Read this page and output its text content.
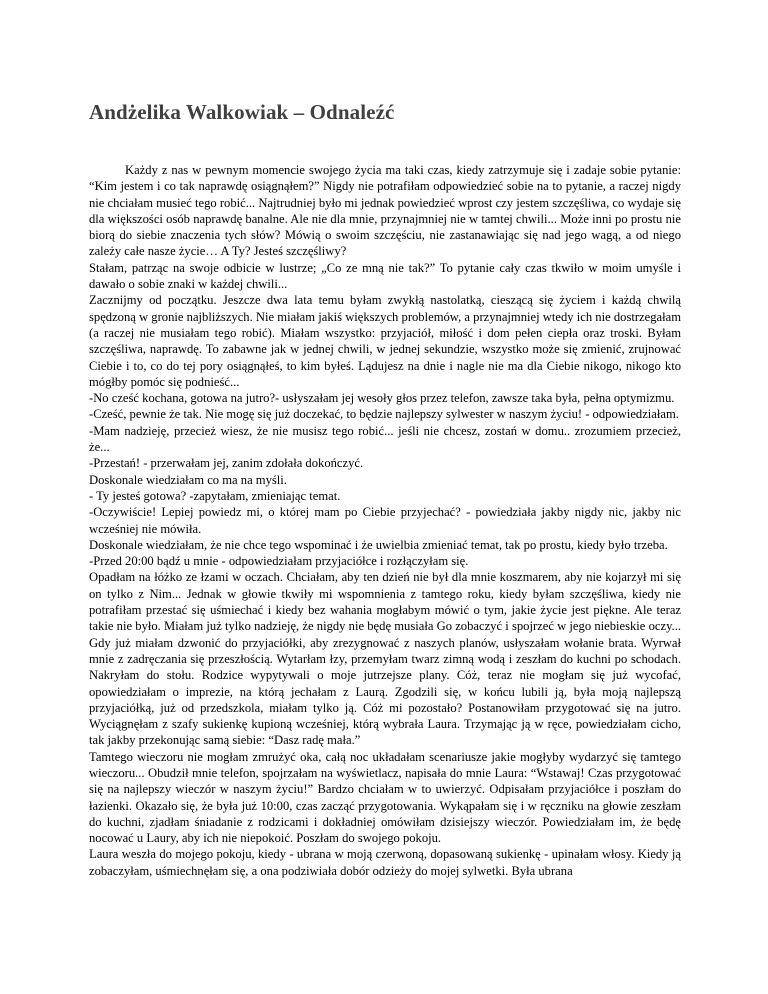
Andżelika Walkowiak – Odnaleźć

Każdy z nas w pewnym momencie swojego życia ma taki czas, kiedy zatrzymuje się i zadaje sobie pytanie: “Kim jestem i co tak naprawdę osiągnąłem?” Nigdy nie potrafiłam odpowiedzieć sobie na to pytanie, a raczej nigdy nie chciałam musieć tego robić... Najtrudniej było mi jednak powiedzieć wprost czy jestem szczęśliwa, co wydaje się dla większości osób naprawdę banalne. Ale nie dla mnie, przynajmniej nie w tamtej chwili... Może inni po prostu nie biorą do siebie znaczenia tych słów? Mówią o swoim szczęściu, nie zastanawiając się nad jego wagą, a od niego zależy całe nasze życie… A Ty? Jesteś szczęśliwy?

Stałam, patrząc na swoje odbicie w lustrze; „Co ze mną nie tak?” To pytanie cały czas tkwiło w moim umyśle i dawało o sobie znaki w każdej chwili...

Zacznijmy od początku. Jeszcze dwa lata temu byłam zwykłą nastolatką, cieszącą się życiem i każdą chwilą spędzoną w gronie najbliższych. Nie miałam jakiś większych problemów, a przynajmniej wtedy ich nie dostrzegałam (a raczej nie musiałam tego robić). Miałam wszystko: przyjaciół, miłość i dom pełen ciepła oraz troski. Byłam szczęśliwa, naprawdę. To zabawne jak w jednej chwili, w jednej sekundzie, wszystko może się zmienić, zrujnować Ciebie i to, co do tej pory osiągnąłeś, to kim byłeś. Lądujesz na dnie i nagle nie ma dla Ciebie nikogo, nikogo kto mógłby pomóc się podnieść...

-No cześć kochana, gotowa na jutro?- usłyszałam jej wesoły głos przez telefon, zawsze taka była, pełna optymizmu.

-Cześć, pewnie że tak. Nie mogę się już doczekać, to będzie najlepszy sylwester w naszym życiu! - odpowiedziałam.

-Mam nadzieję, przecież wiesz, że nie musisz tego robić... jeśli nie chcesz, zostań w domu.. zrozumiem przecież, że...

-Przestań! - przerwałam jej, zanim zdołała dokończyć.

Doskonale wiedziałam co ma na myśli.

- Ty jesteś gotowa? -zapytałam, zmieniając temat.

-Oczywiście! Lepiej powiedz mi, o której mam po Ciebie przyjechać? - powiedziała jakby nigdy nic, jakby nic wcześniej nie mówiła.

Doskonale wiedziałam, że nie chce tego wspominać i że uwielbia zmieniać temat, tak po prostu, kiedy było trzeba.

-Przed 20:00 bądź u mnie - odpowiedziałam przyjaciółce i rozłączyłam się.

Opadłam na łóżko ze łzami w oczach. Chciałam, aby ten dzień nie był dla mnie koszmarem, aby nie kojarzył mi się on tylko z Nim... Jednak w głowie tkwiły mi wspomnienia z tamtego roku, kiedy byłam szczęśliwa, kiedy nie potrafiłam przestać się uśmiechać i kiedy bez wahania mogłabym mówić o tym, jakie życie jest piękne. Ale teraz takie nie było. Miałam już tylko nadzieję, że nigdy nie będę musiała Go zobaczyć i spojrzeć w jego niebieskie oczy... Gdy już miałam dzwonić do przyjaciółki, aby zrezygnować z naszych planów, usłyszałam wołanie brata. Wyrwał mnie z zadręczania się przeszłością. Wytarłam łzy, przemyłam twarz zimną wodą i zeszłam do kuchni po schodach. Nakryłam do stołu. Rodzice wypytywali o moje jutrzejsze plany. Cóż, teraz nie mogłam się już wycofać, opowiedziałam o imprezie, na którą jechałam z Laurą. Zgodzili się, w końcu lubili ją, była moją najlepszą przyjaciółką, już od przedszkola, miałam tylko ją. Cóż mi pozostało? Postanowiłam przygotować się na jutro. Wyciągnęłam z szafy sukienkę kupioną wcześniej, którą wybrała Laura. Trzymając ją w ręce, powiedziałam cicho, tak jakby przekonując samą siebie: “Dasz radę mała.”

Tamtego wieczoru nie mogłam zmrużyć oka, całą noc układałam scenariusze jakie mogłyby wydarzyć się tamtego wieczoru... Obudził mnie telefon, spojrzałam na wyświetlacz, napisała do mnie Laura: “Wstawaj! Czas przygotować się na najlepszy wieczór w naszym życiu!” Bardzo chciałam w to uwierzyć. Odpisałam przyjaciółce i poszłam do łazienki. Okazało się, że była już 10:00, czas zacząć przygotowania. Wykąpałam się i w ręczniku na głowie zeszłam do kuchni, zjadłam śniadanie z rodzicami i dokładniej omówiłam dzisiejszy wieczór. Powiedziałam im, że będę nocować u Laury, aby ich nie niepokoić. Poszłam do swojego pokoju.

Laura weszła do mojego pokoju, kiedy - ubrana w moją czerwoną, dopasowaną sukienkę - upinałam włosy. Kiedy ją zobaczyłam, uśmiechnęłam się, a ona podziwiała dobór odzieży do mojej sylwetki. Była ubrana
